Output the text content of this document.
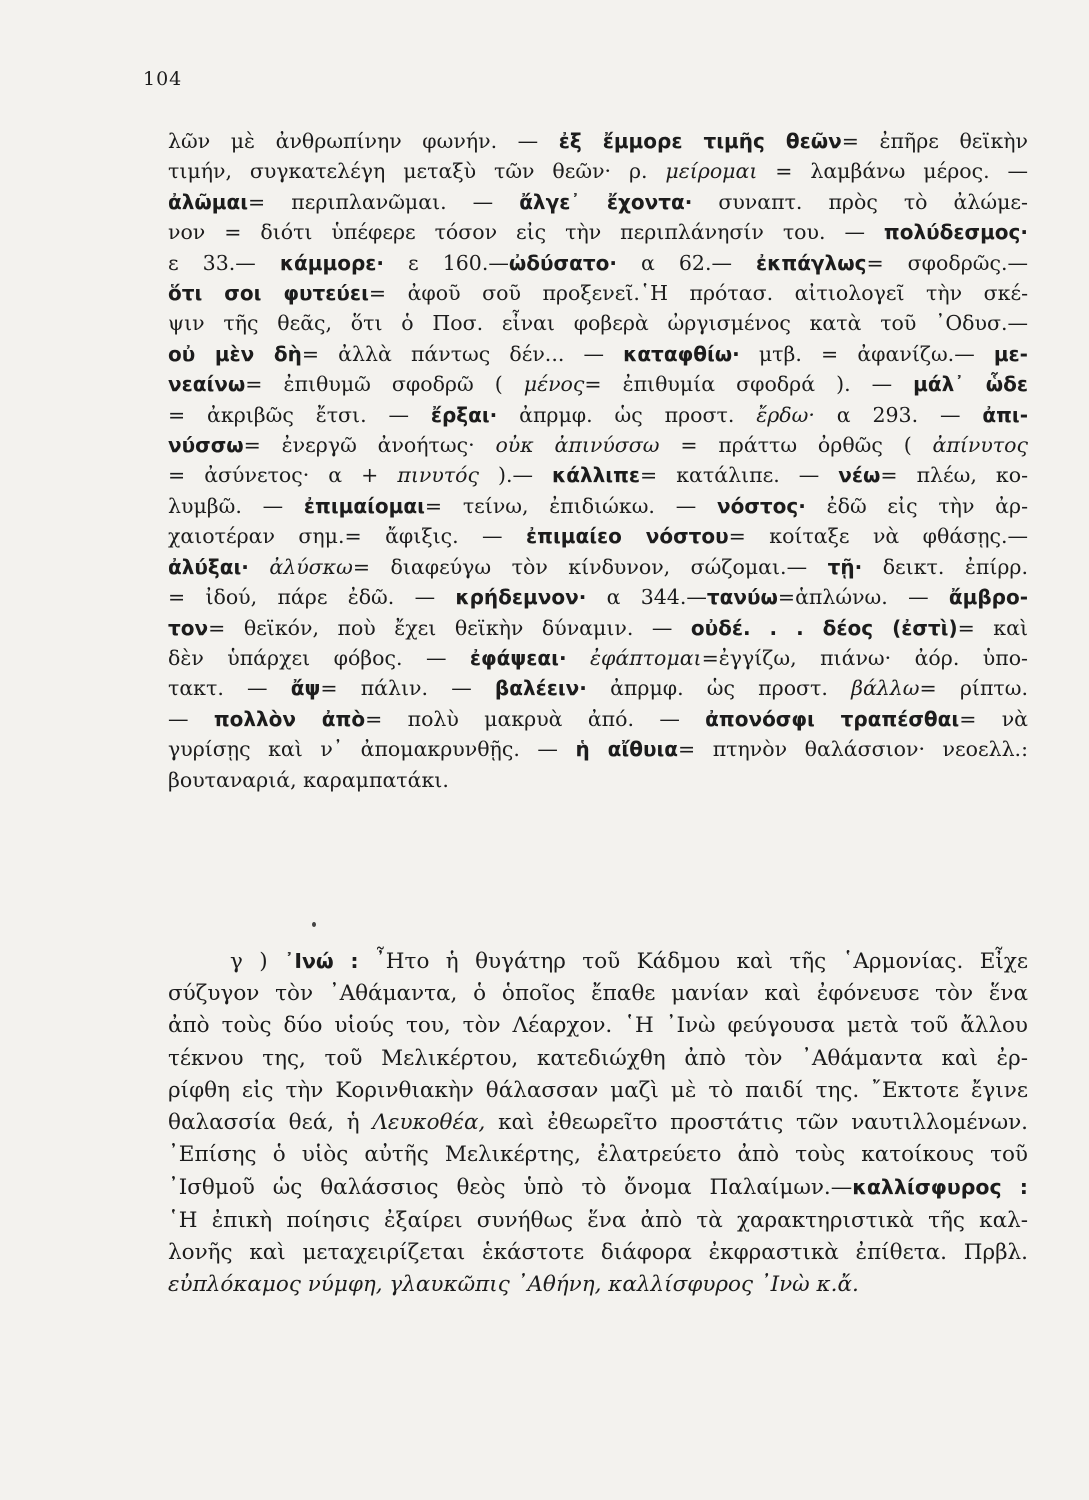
104

λῶν μὲ ἀνθρωπίνην φωνήν. — ἐξ ἔμμορε τιμῆς θεῶν= ἐπῆρε θεϊκὴν

τιμήν, συγκατελέγη μεταξὺ τῶν θεῶν· ρ. μείρομαι = λαμβάνω μέρος. —

ἀλῶμαι= περιπλανῶμαι. — ἄλγε᾽ ἔχοντα· συναπτ. πρὸς τὸ ἀλώμε-

νον = διότι ὑπέφερε τόσον εἰς τὴν περιπλάνησίν του. — πολύδεσμος·

ε 33.— κάμμορε· ε 160.—ὠδύσατο· α 62.— ἐκπάγλως= σφοδρῶς.—

ὅτι σοι φυτεύει= ἀφοῦ σοῦ προξενεῖ.῾Η πρότασ. αἰτιολογεῖ τὴν σκέ-

ψιν τῆς θεᾶς, ὅτι ὁ Ποσ. εἶναι φοβερὰ ὠργισμένος κατὰ τοῦ ᾿Οδυσ.—

οὐ μὲν δὴ= ἀλλὰ πάντως δέν... — καταφθίω· μτβ. = ἀφανίζω.— με-

νεαίνω= ἐπιθυμῶ σφοδρῶ ( μένος= ἐπιθυμία σφοδρά ). — μάλ᾽ ὧδε

= ἀκριβῶς ἔτσι. — ἔρξαι· ἀπρμφ. ὡς προστ. ἔρδω· α 293. — ἀπι-

νύσσω= ἐνεργῶ ἀνοήτως· οὐκ ἀπινύσσω = πράττω ὀρθῶς ( ἀπίνυτος

= ἀσύνετος· α + πινυτός ).— κάλλιπε= κατάλιπε. — νέω= πλέω, κο-

λυμβῶ. — ἐπιμαίομαι= τείνω, ἐπιδιώκω. — νόστος· ἐδῶ εἰς τὴν ἀρ-

χαιοτέραν σημ.= ἄφιξις. — ἐπιμαίεο νόστου= κοίταξε νὰ φθάσῃς.—

ἀλύξαι· ἀλύσκω= διαφεύγω τὸν κίνδυνον, σώζομαι.— τῇ· δεικτ. ἐπίρρ.

= ἰδού, πάρε ἐδῶ. — κρήδεμνον· α 344.—τανύω=ἁπλώνω. — ἄμβρο-

τον= θεϊκόν, ποὺ ἔχει θεϊκὴν δύναμιν. — οὐδέ. . . δέος (ἐστὶ)= καὶ

δὲν ὑπάρχει φόβος. — ἐφάψεαι· ἐφάπτομαι=ἐγγίζω, πιάνω· ἀόρ. ὑπο-

τακτ. — ἄψ= πάλιν. — βαλέειν· ἀπρμφ. ὡς προστ. βάλλω= ρίπτω.

— πολλὸν ἀπὸ= πολὺ μακρυὰ ἀπό. — ἀπονόσφι τραπέσθαι= νὰ

γυρίσῃς καὶ ν᾽ ἀπομακρυνθῇς. — ἡ αἴθυια= πτηνὸν θαλάσσιον· νεοελλ.:

βουταναριά, καραμπατάκι.

γ ) ᾿Ινώ : ῏Ητο ἡ θυγάτηρ τοῦ Κάδμου καὶ τῆς ῾Αρμονίας. Εἶχε

σύζυγον τὸν ᾿Αθάμαντα, ὁ ὁποῖος ἔπαθε μανίαν καὶ ἐφόνευσε τὸν ἕνα

ἀπὸ τοὺς δύο υἱούς του, τὸν Λέαρχον. ῾Η ᾿Ινὼ φεύγουσα μετὰ τοῦ ἄλλου

τέκνου της, τοῦ Μελικέρτου, κατεδιώχθη ἀπὸ τὸν ᾿Αθάμαντα καὶ ἐρ-

ρίφθη εἰς τὴν Κορινθιακὴν θάλασσαν μαζὶ μὲ τὸ παιδί της. ῎Εκτοτε ἔγινε

θαλασσία θεά, ἡ Λευκοθέα, καὶ ἐθεωρεῖτο προστάτις τῶν ναυτιλλομένων.

᾿Επίσης ὁ υἱὸς αὐτῆς Μελικέρτης, ἐλατρεύετο ἀπὸ τοὺς κατοίκους τοῦ

᾿Ισθμοῦ ὡς θαλάσσιος θεὸς ὑπὸ τὸ ὄνομα Παλαίμων.—καλλίσφυρος :

῾Η ἐπικὴ ποίησις ἐξαίρει συνήθως ἕνα ἀπὸ τὰ χαρακτηριστικὰ τῆς καλ-

λονῆς καὶ μεταχειρίζεται ἑκάστοτε διάφορα ἐκφραστικὰ ἐπίθετα. Πρβλ.

εὐπλόκαμος νύμφη, γλαυκῶπις ᾿Αθήνη, καλλίσφυρος ᾿Ινὼ κ.ἄ.
